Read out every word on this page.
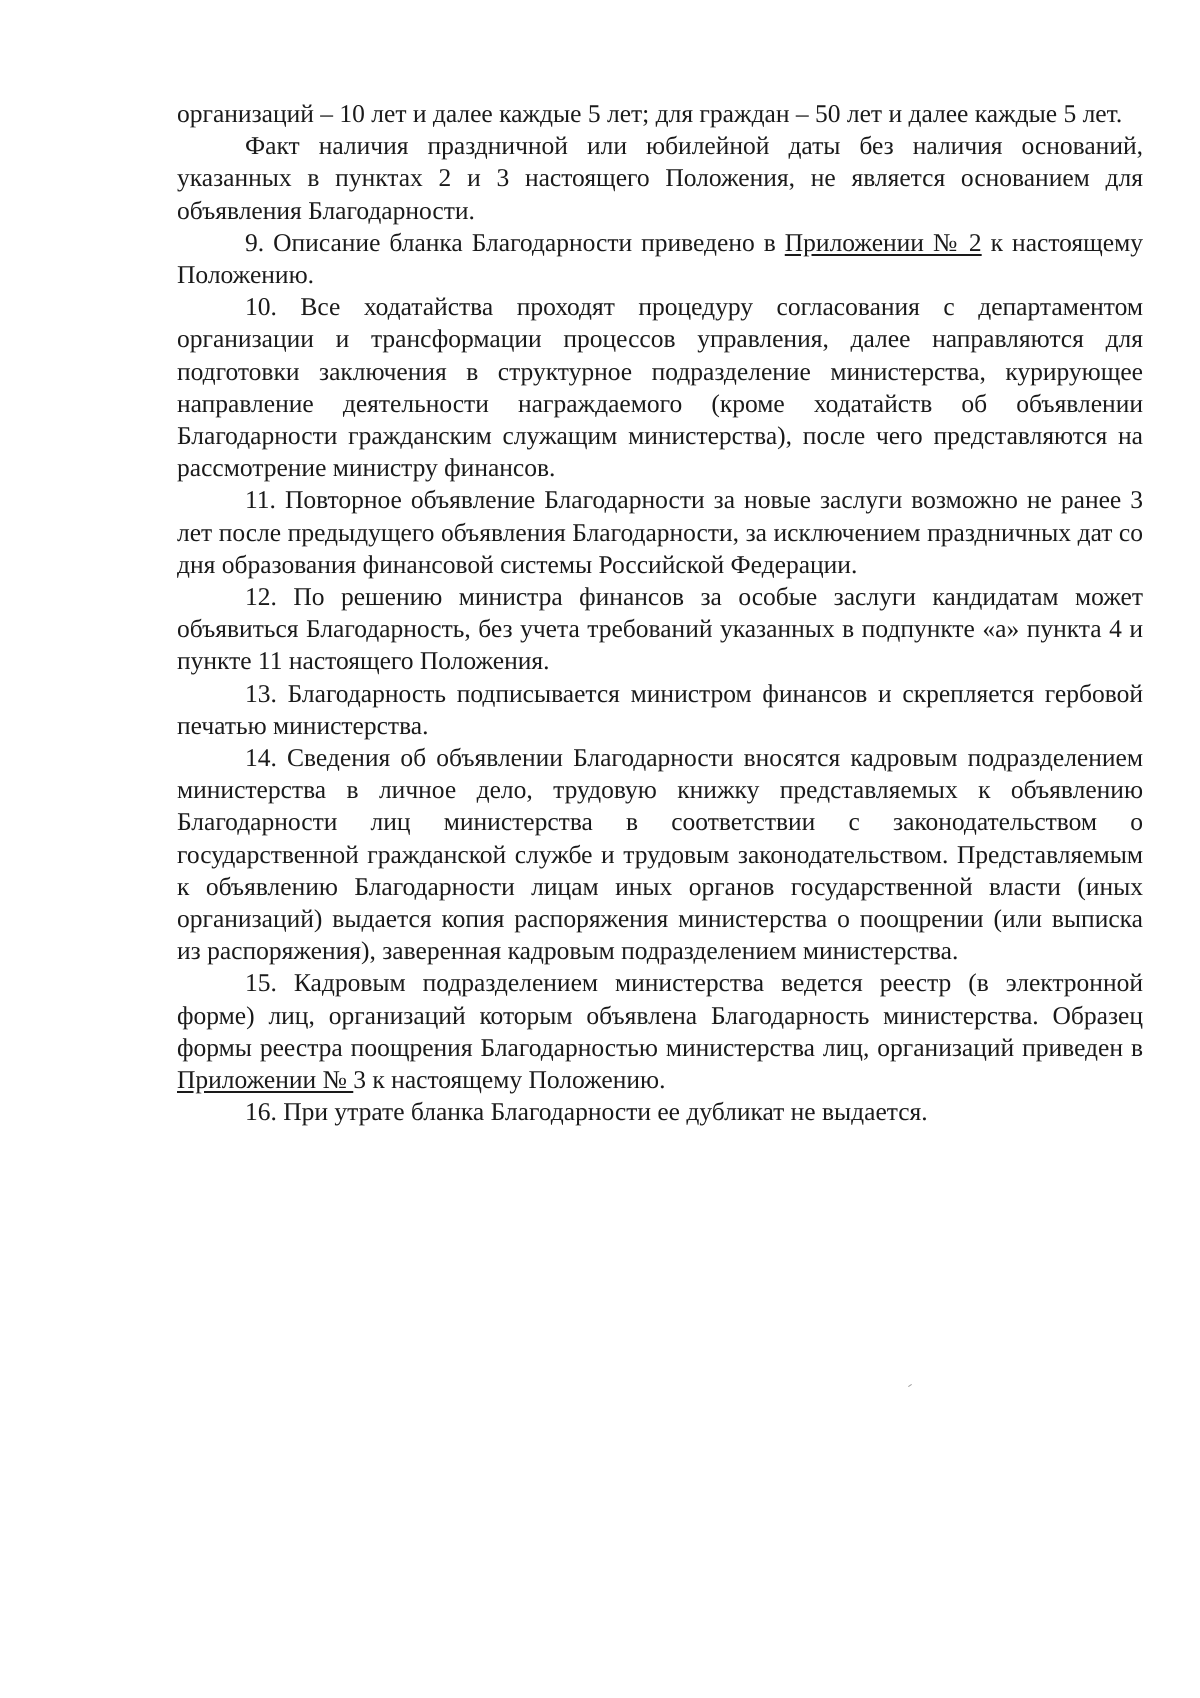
организаций – 10 лет и далее каждые 5 лет; для граждан – 50 лет и далее каждые 5 лет.

Факт наличия праздничной или юбилейной даты без наличия оснований, указанных в пунктах 2 и 3 настоящего Положения, не является основанием для объявления Благодарности.

9. Описание бланка Благодарности приведено в Приложении № 2 к настоящему Положению.

10. Все ходатайства проходят процедуру согласования с департаментом организации и трансформации процессов управления, далее направляются для подготовки заключения в структурное подразделение министерства, курирующее направление деятельности награждаемого (кроме ходатайств об объявлении Благодарности гражданским служащим министерства), после чего представляются на рассмотрение министру финансов.

11. Повторное объявление Благодарности за новые заслуги возможно не ранее 3 лет после предыдущего объявления Благодарности, за исключением праздничных дат со дня образования финансовой системы Российской Федерации.

12. По решению министра финансов за особые заслуги кандидатам может объявиться Благодарность, без учета требований указанных в подпункте «а» пункта 4 и пункте 11 настоящего Положения.

13. Благодарность подписывается министром финансов и скрепляется гербовой печатью министерства.

14. Сведения об объявлении Благодарности вносятся кадровым подразделением министерства в личное дело, трудовую книжку представляемых к объявлению Благодарности лиц министерства в соответствии с законодательством о государственной гражданской службе и трудовым законодательством. Представляемым к объявлению Благодарности лицам иных органов государственной власти (иных организаций) выдается копия распоряжения министерства о поощрении (или выписка из распоряжения), заверенная кадровым подразделением министерства.

15. Кадровым подразделением министерства ведется реестр (в электронной форме) лиц, организаций которым объявлена Благодарность министерства. Образец формы реестра поощрения Благодарностью министерства лиц, организаций приведен в Приложении № 3 к настоящему Положению.

16. При утрате бланка Благодарности ее дубликат не выдается.
